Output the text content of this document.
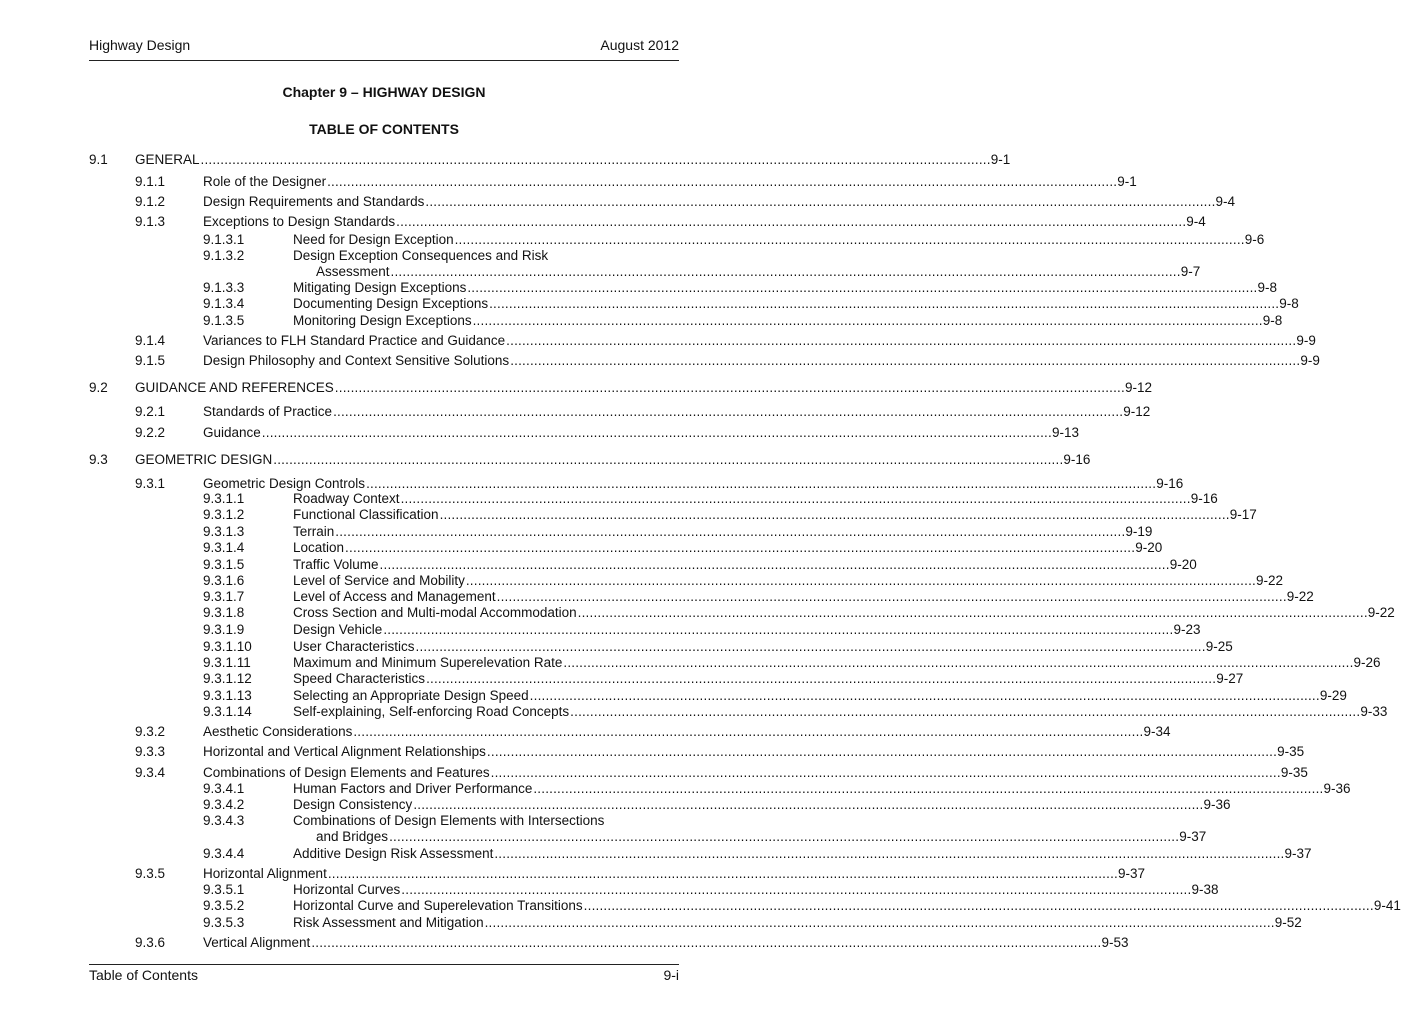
Highway Design	August 2012
Chapter 9 – HIGHWAY DESIGN
TABLE OF CONTENTS
9.1 GENERAL ........................................................................................................................................................................................................ 9-1
9.1.1	Role of the Designer ........................................................................................................................................................................................................ 9-1
9.1.2	Design Requirements and Standards ........................................................................................................................................................................................................ 9-4
9.1.3	Exceptions to Design Standards ........................................................................................................................................................................................................ 9-4
9.1.3.1	Need for Design Exception ........................................................................................................................................................................................................ 9-6
9.1.3.2	Design Exception Consequences and Risk
Assessment ........................................................................................................................................................................................................ 9-7
9.1.3.3	Mitigating Design Exceptions ........................................................................................................................................................................................................ 9-8
9.1.3.4	Documenting Design Exceptions ........................................................................................................................................................................................................ 9-8
9.1.3.5	Monitoring Design Exceptions ........................................................................................................................................................................................................ 9-8
9.1.4	Variances to FLH Standard Practice and Guidance ........................................................................................................................................................................................................ 9-9
9.1.5	Design Philosophy and Context Sensitive Solutions ........................................................................................................................................................................................................ 9-9
9.2 GUIDANCE AND REFERENCES ........................................................................................................................................................................................................ 9-12
9.2.1	Standards of Practice ........................................................................................................................................................................................................ 9-12
9.2.2	Guidance ........................................................................................................................................................................................................ 9-13
9.3 GEOMETRIC DESIGN ........................................................................................................................................................................................................ 9-16
9.3.1	Geometric Design Controls ........................................................................................................................................................................................................ 9-16
9.3.1.1	Roadway Context ........................................................................................................................................................................................................ 9-16
9.3.1.2	Functional Classification ........................................................................................................................................................................................................ 9-17
9.3.1.3	Terrain ........................................................................................................................................................................................................ 9-19
9.3.1.4	Location ........................................................................................................................................................................................................ 9-20
9.3.1.5	Traffic Volume ........................................................................................................................................................................................................ 9-20
9.3.1.6	Level of Service and Mobility ........................................................................................................................................................................................................ 9-22
9.3.1.7	Level of Access and Management ........................................................................................................................................................................................................ 9-22
9.3.1.8	Cross Section and Multi-modal Accommodation ........................................................................................................................................................................................................ 9-22
9.3.1.9	Design Vehicle ........................................................................................................................................................................................................ 9-23
9.3.1.10	User Characteristics ........................................................................................................................................................................................................ 9-25
9.3.1.11	Maximum and Minimum Superelevation Rate ........................................................................................................................................................................................................ 9-26
9.3.1.12	Speed Characteristics ........................................................................................................................................................................................................ 9-27
9.3.1.13	Selecting an Appropriate Design Speed ........................................................................................................................................................................................................ 9-29
9.3.1.14	Self-explaining, Self-enforcing Road Concepts ........................................................................................................................................................................................................ 9-33
9.3.2	Aesthetic Considerations ........................................................................................................................................................................................................ 9-34
9.3.3	Horizontal and Vertical Alignment Relationships ........................................................................................................................................................................................................ 9-35
9.3.4	Combinations of Design Elements and Features ........................................................................................................................................................................................................ 9-35
9.3.4.1	Human Factors and Driver Performance ........................................................................................................................................................................................................ 9-36
9.3.4.2	Design Consistency ........................................................................................................................................................................................................ 9-36
9.3.4.3	Combinations of Design Elements with Intersections
and Bridges ........................................................................................................................................................................................................ 9-37
9.3.4.4	Additive Design Risk Assessment ........................................................................................................................................................................................................ 9-37
9.3.5	Horizontal Alignment ........................................................................................................................................................................................................ 9-37
9.3.5.1	Horizontal Curves ........................................................................................................................................................................................................ 9-38
9.3.5.2	Horizontal Curve and Superelevation Transitions ........................................................................................................................................................................................................ 9-41
9.3.5.3	Risk Assessment and Mitigation ........................................................................................................................................................................................................ 9-52
9.3.6	Vertical Alignment ........................................................................................................................................................................................................ 9-53
Table of Contents	9-i
